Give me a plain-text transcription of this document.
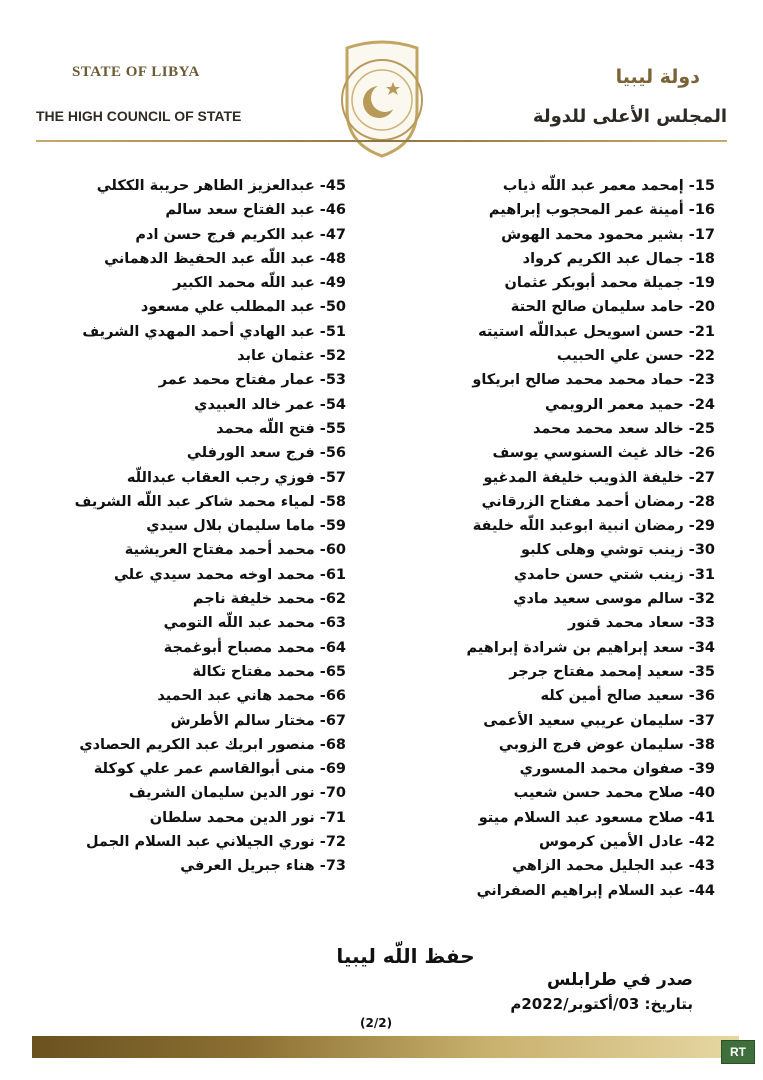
STATE OF LIBYA
THE HIGH COUNCIL OF STATE
دولة ليبيا
المجلس الأعلى للدولة
15- إمحمد معمر عبد اللّه ذياب
16- أمينة عمر المحجوب إبراهيم
17- بشير محمود محمد الهوش
18- جمال عبد الكريم كرواد
19- جميلة محمد أبوبكر عثمان
20- حامد سليمان صالح الحتة
21- حسن اسويحل عبداللّه استيته
22- حسن علي الحبيب
23- حماد محمد محمد صالح ابريكاو
24- حميد معمر الرويمي
25- خالد سعد محمد محمد
26- خالد غيث السنوسي يوسف
27- خليفة الذويب خليفة المدغيو
28- رمضان أحمد مفتاح الزرقاني
29- رمضان انبية ابوعبد اللّه خليفة
30- زينب توشي وهلى كلبو
31- زينب شتي حسن حامدي
32- سالم موسى سعيد مادي
33- سعاد محمد قنور
34- سعد إبراهيم بن شرادة إبراهيم
35- سعيد إمحمد مفتاح جرجر
36- سعيد صالح أمين كله
37- سليمان عريبي سعيد الأعمى
38- سليمان عوض فرج الزوبي
39- صفوان محمد المسوري
40- صلاح محمد حسن شعيب
41- صلاح مسعود عبد السلام ميتو
42- عادل الأمين كرموس
43- عبد الجليل محمد الزاهي
44- عبد السلام إبراهيم الصفراني
45- عبدالعزيز الطاهر حريبة الككلي
46- عبد الفتاح سعد سالم
47- عبد الكريم فرج حسن ادم
48- عبد اللّه عبد الحفيظ الدهماني
49- عبد اللّه محمد الكبير
50- عبد المطلب علي مسعود
51- عبد الهادي أحمد المهدي الشريف
52- عثمان عابد
53- عمار مفتاح محمد عمر
54- عمر خالد العبيدي
55- فتح اللّه محمد
56- فرج سعد الورفلي
57- فوزي رجب العقاب عبداللّه
58- لمياء محمد شاكر عبد اللّه الشريف
59- ماما سليمان بلال سيدي
60- محمد أحمد مفتاح العريشية
61- محمد اوخه محمد سيدي علي
62- محمد خليفة ناجم
63- محمد عبد اللّه التومي
64- محمد مصباح أبوغمجة
65- محمد مفتاح تكالة
66- محمد هاني عبد الحميد
67- مختار سالم الأطرش
68- منصور ابريك عبد الكريم الحصادي
69- منى أبوالقاسم عمر علي كوكلة
70- نور الدين سليمان الشريف
71- نور الدين محمد سلطان
72- نوري الجيلاني عبد السلام الجمل
73- هناء جبريل العرفي
حفظ اللّه ليبيا
صدر في طرابلس
بتاريخ: 03/أكتوبر/2022م
(2/2)
RT
